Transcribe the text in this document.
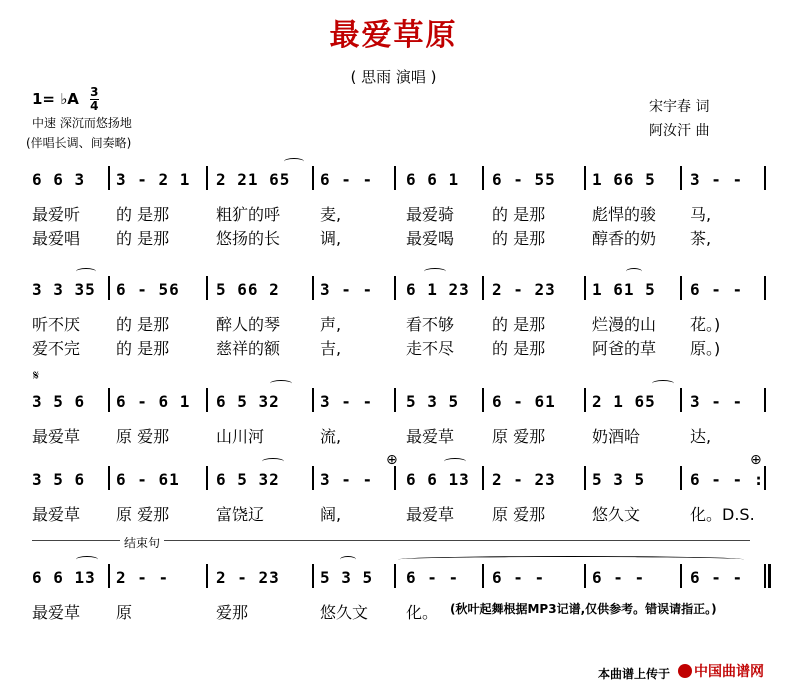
最爱草原
( 思雨 演唱 )
1= ♭A $\frac{3}{4}$
中速 深沉而悠扬地
(伴唱长调、间奏略)
宋宇春 词
阿汝汗 曲
𝄋
6 6 3 3 - 2 1 2 21 65 6 - - 6 6 1 6 - 55 1 66 5 3 - -
最爱听 的 是那	粗犷的呼 麦,	最爱骑 的 是那	彪悍的骏 马,
最爱唱 的 是那	悠扬的长 调,	最爱喝 的 是那	醇香的奶 茶,
3 3 35 6 - 56 5 66 2	3 - - 6 1 23 2 - 23 1 61 5 6 - -
听不厌 的 是那	醉人的琴 声,	看不够 的 是那	烂漫的山 花。)
爱不完 的 是那	慈祥的额 吉,	走不尽 的 是那	阿爸的草 原。)
3 5 6 6 - 6 1 6 5 32	3 - - 5 3 5 6 - 61 2 1 65 3 - -
最爱草 原 爱那	山川河	流,	最爱草 原 爱那	奶酒哈	达,
3 5 6 6 - 61 6 5 32	3 - - 6 6 13 2 - 23 5 3 5	6 - - :
最爱草 原 爱那	富饶辽	阔,	最爱草 原 爱那	悠久文	化。D.S.
6 6 13 2 - -	2 - 23	5 3 5 6 - - 6 - -	6 - -	6 - -
最爱草 原	爱那	悠久文 化。
结束句
(秋叶起舞根据MP3记谱,仅供参考。错误请指正。)
本曲谱上传于 中国曲谱网
⊕	⊕
